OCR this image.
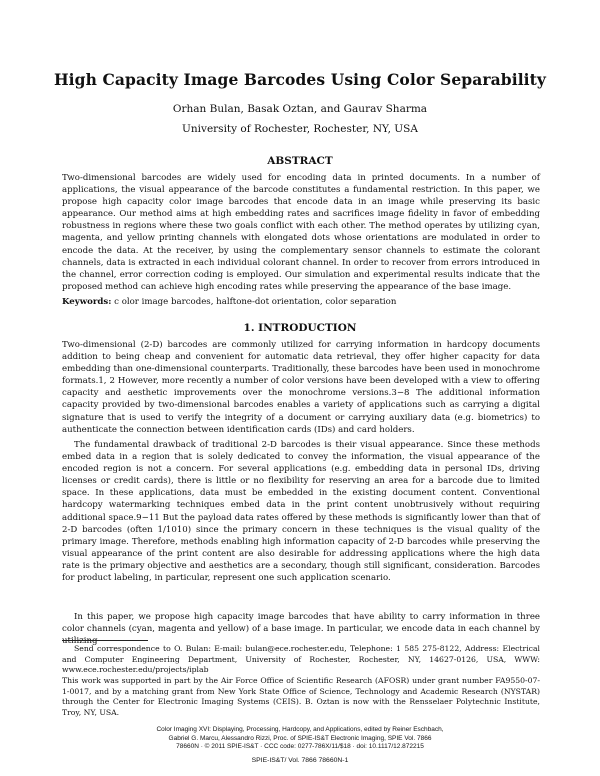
High Capacity Image Barcodes Using Color Separability
Orhan Bulan, Basak Oztan, and Gaurav Sharma
University of Rochester, Rochester, NY, USA
ABSTRACT

Two-dimensional barcodes are widely used for encoding data in printed documents. In a number of applications, the visual appearance of the barcode constitutes a fundamental restriction. In this paper, we propose high capacity color image barcodes that encode data in an image while preserving its basic appearance. Our method aims at high embedding rates and sacrifices image fidelity in favor of embedding robustness in regions where these two goals conflict with each other. The method operates by utilizing cyan, magenta, and yellow printing channels with elongated dots whose orientations are modulated in order to encode the data. At the receiver, by using the complementary sensor channels to estimate the colorant channels, data is extracted in each individual colorant channel. In order to recover from errors introduced in the channel, error correction coding is employed. Our simulation and experimental results indicate that the proposed method can achieve high encoding rates while preserving the appearance of the base image.

Keywords: c olor image barcodes, halftone-dot orientation, color separation

1. INTRODUCTION

Two-dimensional (2-D) barcodes are commonly utilized for carrying information in hardcopy documents addition to being cheap and convenient for automatic data retrieval, they offer higher capacity for data embedding than one-dimensional counterparts. Traditionally, these barcodes have been used in monochrome formats.1, 2 However, more recently a number of color versions have been developed with a view to offering capacity and aesthetic improvements over the monochrome versions.3−8 The additional information capacity provided by two-dimensional barcodes enables a variety of applications such as carrying a digital signature that is used to verify the integrity of a document or carrying auxiliary data (e.g. biometrics) to authenticate the connection between identification cards (IDs) and card holders.

The fundamental drawback of traditional 2-D barcodes is their visual appearance. Since these methods embed data in a region that is solely dedicated to convey the information, the visual appearance of the encoded region is not a concern. For several applications (e.g. embedding data in personal IDs, driving licenses or credit cards), there is little or no flexibility for reserving an area for a barcode due to limited space. In these applications, data must be embedded in the existing document content. Conventional hardcopy watermarking techniques embed data in the print content unobtrusively without requiring additional space.9−11 But the payload data rates offered by these methods is significantly lower than that of 2-D barcodes (often 1/1010) since the primary concern in these techniques is the visual quality of the primary image. Therefore, methods enabling high information capacity of 2-D barcodes while preserving the visual appearance of the print content are also desirable for addressing applications where the high data rate is the primary objective and aesthetics are a secondary, though still significant, consideration. Barcodes for product labeling, in particular, represent one such application scenario.

In this paper, we propose high capacity image barcodes that have ability to carry information in three color channels (cyan, magenta and yellow) of a base image. In particular, we encode data in each channel by utilizing

Send correspondence to O. Bulan: E-mail: bulan@ece.rochester.edu, Telephone: 1 585 275-8122, Address: Electrical and Computer Engineering Department, University of Rochester, Rochester, NY, 14627-0126, USA, WWW: www.ece.rochester.edu/projects/iplab

This work was supported in part by the Air Force Office of Scientific Research (AFOSR) under grant number FA9550-07-1-0017, and by a matching grant from New York State Office of Science, Technology and Academic Research (NYSTAR) through the Center for Electronic Imaging Systems (CEIS). B. Oztan is now with the Rensselaer Polytechnic Institute, Troy, NY, USA.

Color Imaging XVI: Displaying, Processing, Hardcopy, and Applications, edited by Reiner Eschbach,
Gabriel G. Marcu, Alessandro Rizzi, Proc. of SPIE-IS&T Electronic Imaging, SPIE Vol. 7866
78660N · © 2011 SPIE-IS&T · CCC code: 0277-786X/11/$18 · doi: 10.1117/12.872215
SPIE-IS&T/ Vol. 7866 78660N-1
